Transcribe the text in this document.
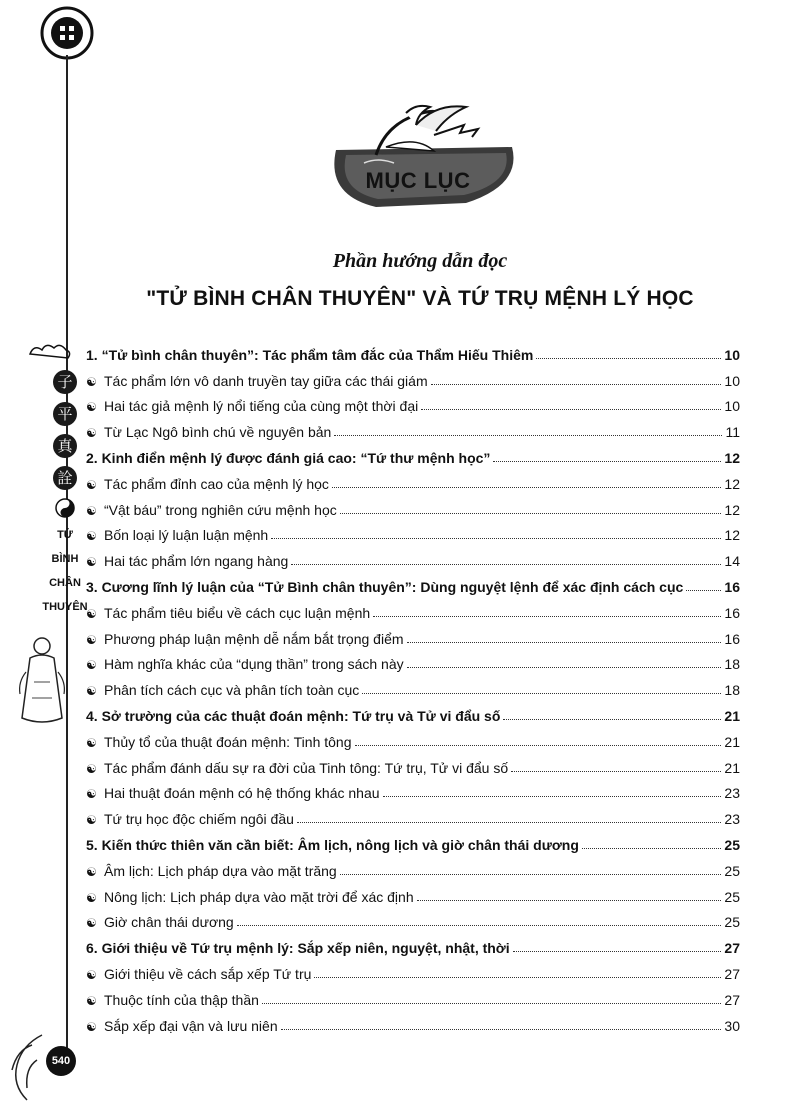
子
平
真
詮
TỬ
BÌNH
CHÂN
THUYÊN
540
MỤC LỤC
Phần hướng dẫn đọc
"TỬ BÌNH CHÂN THUYÊN" VÀ TỨ TRỤ MỆNH LÝ HỌC
1. “Tử bình chân thuyên”: Tác phẩm tâm đắc của Thẩm Hiếu Thiêm	10
☯ Tác phẩm lớn vô danh truyền tay giữa các thái giám	10
☯ Hai tác giả mệnh lý nổi tiếng của cùng một thời đại	10
☯ Từ Lạc Ngô bình chú về nguyên bản	11
2. Kinh điển mệnh lý được đánh giá cao: “Tứ thư mệnh học”	12
☯ Tác phẩm đỉnh cao của mệnh lý học	12
☯ “Vật báu” trong nghiên cứu mệnh học	12
☯ Bốn loại lý luận luận mệnh	12
☯ Hai tác phẩm lớn ngang hàng	14
3. Cương lĩnh lý luận của “Tử Bình chân thuyên”: Dùng nguyệt lệnh để xác định cách cục	16
☯ Tác phẩm tiêu biểu về cách cục luận mệnh	16
☯ Phương pháp luận mệnh dễ nắm bắt trọng điểm	16
☯ Hàm nghĩa khác của “dụng thần” trong sách này	18
☯ Phân tích cách cục và phân tích toàn cục	18
4. Sở trường của các thuật đoán mệnh: Tứ trụ và Tử vi đẩu số	21
☯ Thủy tổ của thuật đoán mệnh: Tinh tông	21
☯ Tác phẩm đánh dấu sự ra đời của Tinh tông: Tứ trụ, Tử vi đẩu số	21
☯ Hai thuật đoán mệnh có hệ thống khác nhau	23
☯ Tứ trụ học độc chiếm ngôi đầu	23
5. Kiến thức thiên văn cần biết: Âm lịch, nông lịch và giờ chân thái dương	25
☯ Âm lịch: Lịch pháp dựa vào mặt trăng	25
☯ Nông lịch: Lịch pháp dựa vào mặt trời để xác định	25
☯ Giờ chân thái dương	25
6. Giới thiệu về Tứ trụ mệnh lý: Sắp xếp niên, nguyệt, nhật, thời	27
☯ Giới thiệu về cách sắp xếp Tứ trụ	27
☯ Thuộc tính của thập thần	27
☯ Sắp xếp đại vận và lưu niên	30
